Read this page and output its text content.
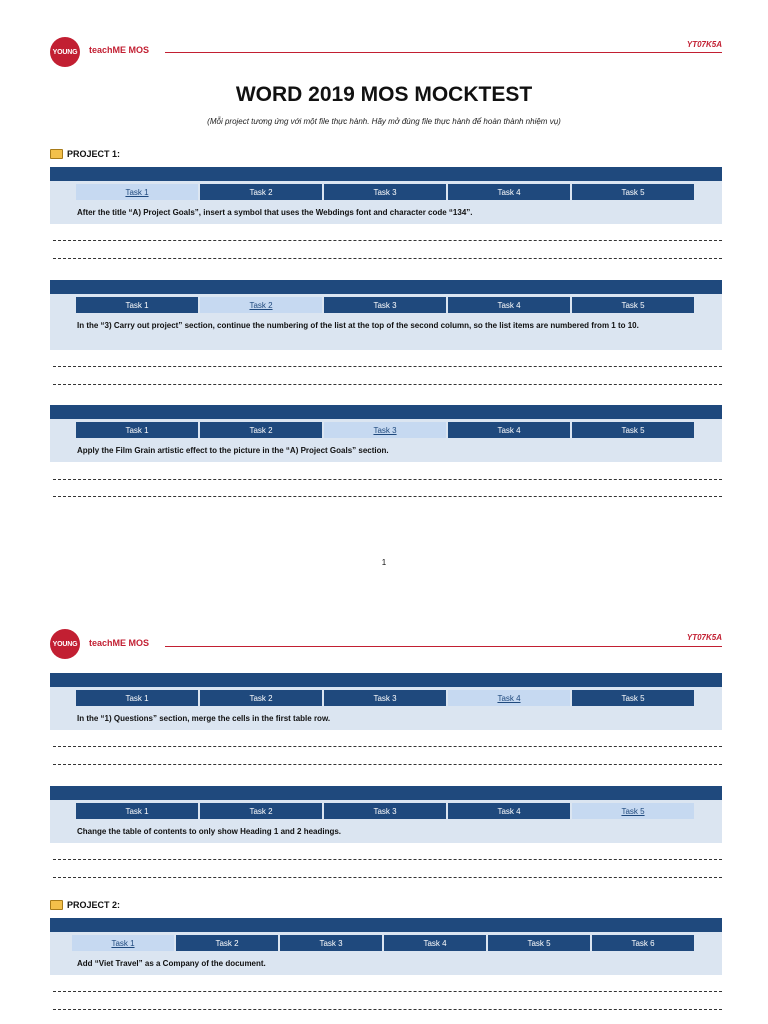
YOUNG teachME MOS
YT07K5A
WORD 2019 MOS MOCKTEST
(Mỗi project tương ứng với một file thực hành. Hãy mở đúng file thực hành để hoàn thành nhiệm vụ)
PROJECT 1:
Task 1	Task 2	Task 3	Task 4	Task 5
After the title “A) Project Goals”, insert a symbol that uses the Webdings font and character code “134”.
Task 1	Task 2	Task 3	Task 4	Task 5
In the “3) Carry out project” section, continue the numbering of the list at the top of the second column, so the list items are numbered from 1 to 10.
Task 1	Task 2	Task 3	Task 4	Task 5
Apply the Film Grain artistic effect to the picture in the “A) Project Goals” section.
1
YOUNG teachME MOS
YT07K5A
Task 1	Task 2	Task 3	Task 4	Task 5
In the “1) Questions” section, merge the cells in the first table row.
Task 1	Task 2	Task 3	Task 4	Task 5
Change the table of contents to only show Heading 1 and 2 headings.
PROJECT 2:
Task 1	Task 2	Task 3	Task 4	Task 5	Task 6
Add “Viet Travel” as a Company of the document.
